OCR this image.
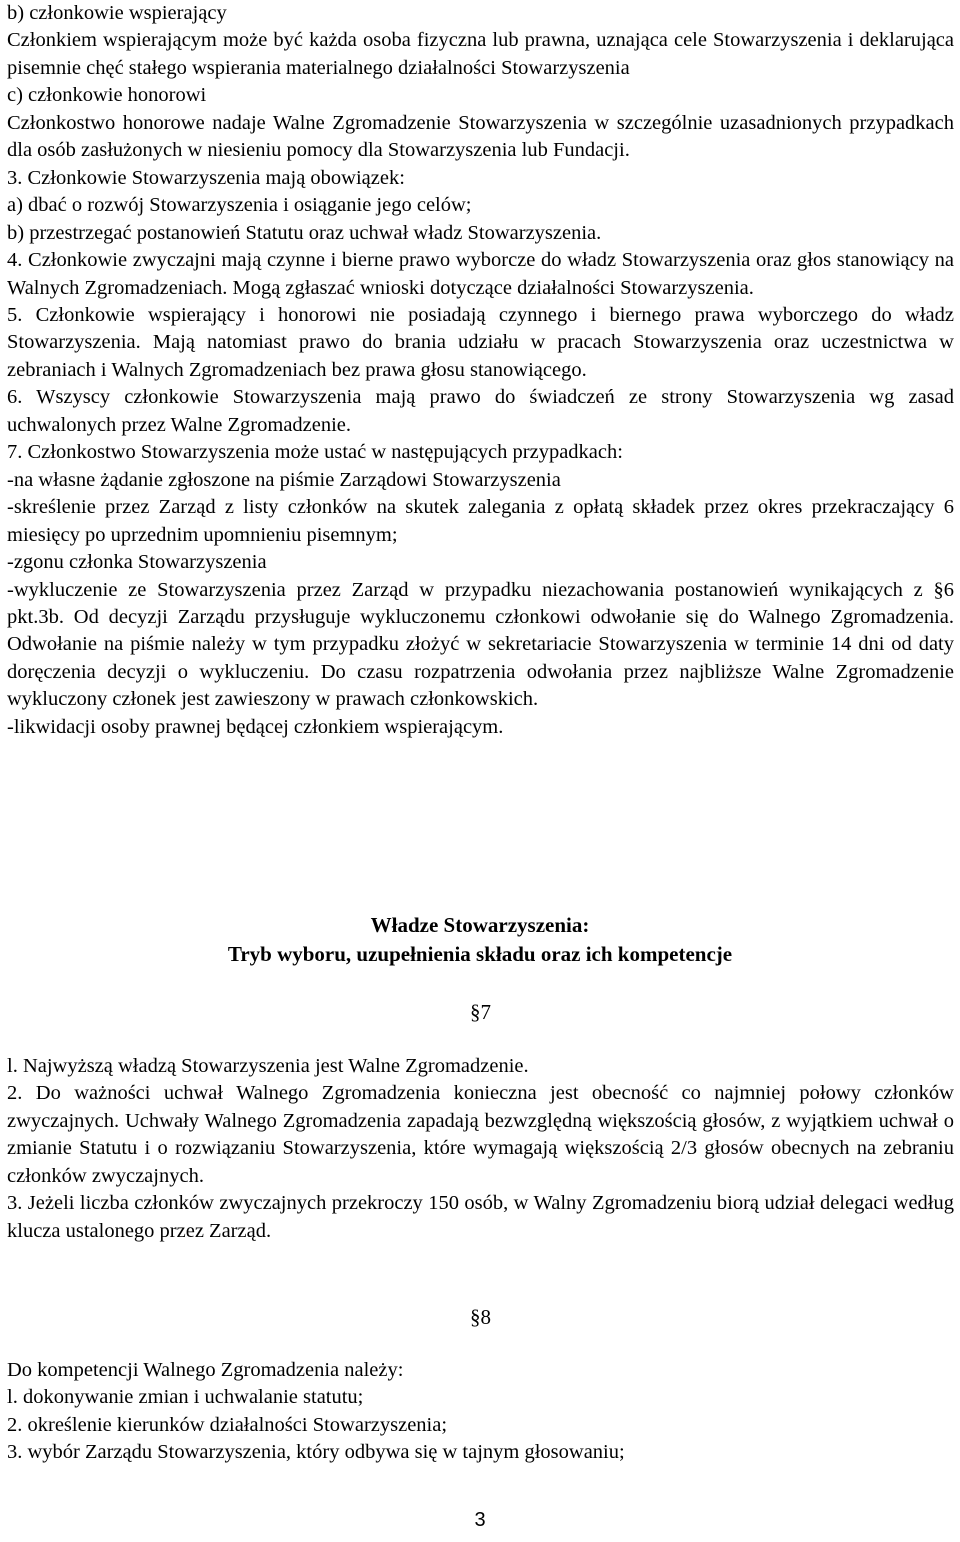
b) członkowie wspierający

Członkiem wspierającym może być każda osoba fizyczna lub prawna, uznająca cele Stowarzyszenia i deklarująca pisemnie chęć stałego wspierania materialnego działalności Stowarzyszenia

c) członkowie honorowi

Członkostwo honorowe nadaje Walne Zgromadzenie Stowarzyszenia w szczególnie uzasadnionych przypadkach dla osób zasłużonych w niesieniu pomocy dla Stowarzyszenia lub Fundacji.

3. Członkowie Stowarzyszenia mają obowiązek:

a) dbać o rozwój Stowarzyszenia i osiąganie jego celów;

b) przestrzegać postanowień Statutu oraz uchwał władz Stowarzyszenia.

4. Członkowie zwyczajni mają czynne i bierne prawo wyborcze do władz Stowarzyszenia oraz głos stanowiący na Walnych Zgromadzeniach. Mogą zgłaszać wnioski dotyczące działalności Stowarzyszenia.

5. Członkowie wspierający i honorowi nie posiadają czynnego i biernego prawa wyborczego do władz Stowarzyszenia. Mają natomiast prawo do brania udziału w pracach Stowarzyszenia oraz uczestnictwa w zebraniach i Walnych Zgromadzeniach bez prawa głosu stanowiącego.

6. Wszyscy członkowie Stowarzyszenia mają prawo do świadczeń ze strony Stowarzyszenia wg zasad uchwalonych przez Walne Zgromadzenie.

7. Członkostwo Stowarzyszenia może ustać w następujących przypadkach:

-na własne żądanie zgłoszone na piśmie Zarządowi Stowarzyszenia

-skreślenie przez Zarząd z listy członków na skutek zalegania z opłatą składek przez okres przekraczający 6 miesięcy po uprzednim upomnieniu pisemnym;

-zgonu członka Stowarzyszenia

-wykluczenie ze Stowarzyszenia przez Zarząd w przypadku niezachowania postanowień wynikających z §6 pkt.3b. Od decyzji Zarządu przysługuje wykluczonemu członkowi odwołanie się do Walnego Zgromadzenia. Odwołanie na piśmie należy w tym przypadku złożyć w sekretariacie Stowarzyszenia w terminie 14 dni od daty doręczenia decyzji o wykluczeniu. Do czasu rozpatrzenia odwołania przez najbliższe Walne Zgromadzenie wykluczony członek jest zawieszony w prawach członkowskich.

-likwidacji osoby prawnej będącej członkiem wspierającym.

Władze Stowarzyszenia:
Tryb wyboru, uzupełnienia składu oraz ich kompetencje
§7

l. Najwyższą władzą Stowarzyszenia jest Walne Zgromadzenie.

2. Do ważności uchwał Walnego Zgromadzenia konieczna jest obecność co najmniej połowy członków zwyczajnych. Uchwały Walnego Zgromadzenia zapadają bezwzględną większością głosów, z wyjątkiem uchwał o zmianie Statutu i o rozwiązaniu Stowarzyszenia, które wymagają większością 2/3 głosów obecnych na zebraniu członków zwyczajnych.

3. Jeżeli liczba członków zwyczajnych przekroczy 150 osób, w Walny Zgromadzeniu biorą udział delegaci według klucza ustalonego przez Zarząd.

§8

Do kompetencji Walnego Zgromadzenia należy:

l. dokonywanie zmian i uchwalanie statutu;

2. określenie kierunków działalności Stowarzyszenia;

3. wybór Zarządu Stowarzyszenia, który odbywa się w tajnym głosowaniu;

3
